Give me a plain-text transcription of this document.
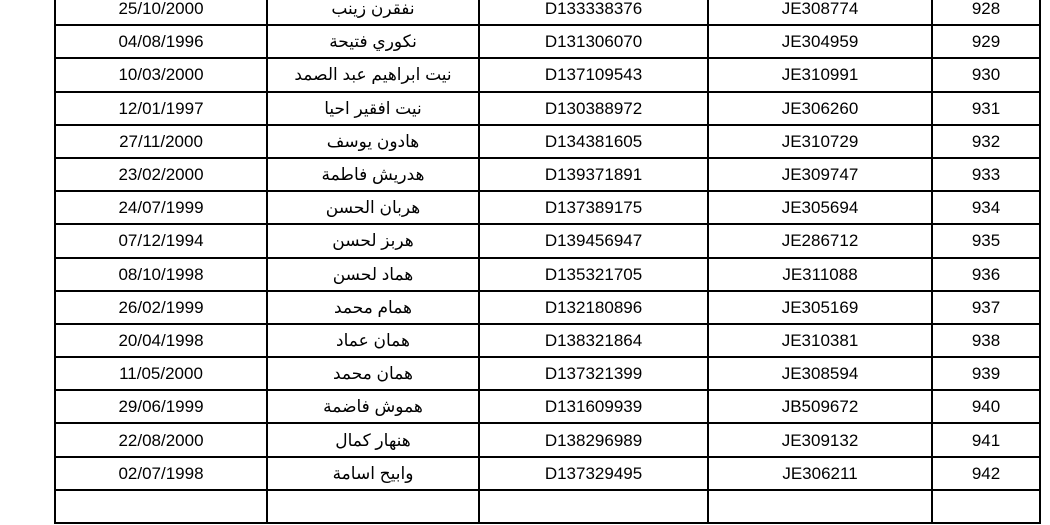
25/10/2000	نفقرن زينب	D133338376	JE308774	928
04/08/1996	نكوري فتيحة	D131306070	JE304959	929
10/03/2000	نيت ابراهيم عبد الصمد	D137109543	JE310991	930
12/01/1997	نيت افقير احيا	D130388972	JE306260	931
27/11/2000	هادون يوسف	D134381605	JE310729	932
23/02/2000	هدريش فاطمة	D139371891	JE309747	933
24/07/1999	هربان الحسن	D137389175	JE305694	934
07/12/1994	هربز لحسن	D139456947	JE286712	935
08/10/1998	هماد لحسن	D135321705	JE311088	936
26/02/1999	همام محمد	D132180896	JE305169	937
20/04/1998	همان عماد	D138321864	JE310381	938
11/05/2000	همان محمد	D137321399	JE308594	939
29/06/1999	هموش فاضمة	D131609939	JB509672	940
22/08/2000	هنهار كمال	D138296989	JE309132	941
02/07/1998	وابيح اسامة	D137329495	JE306211	942
